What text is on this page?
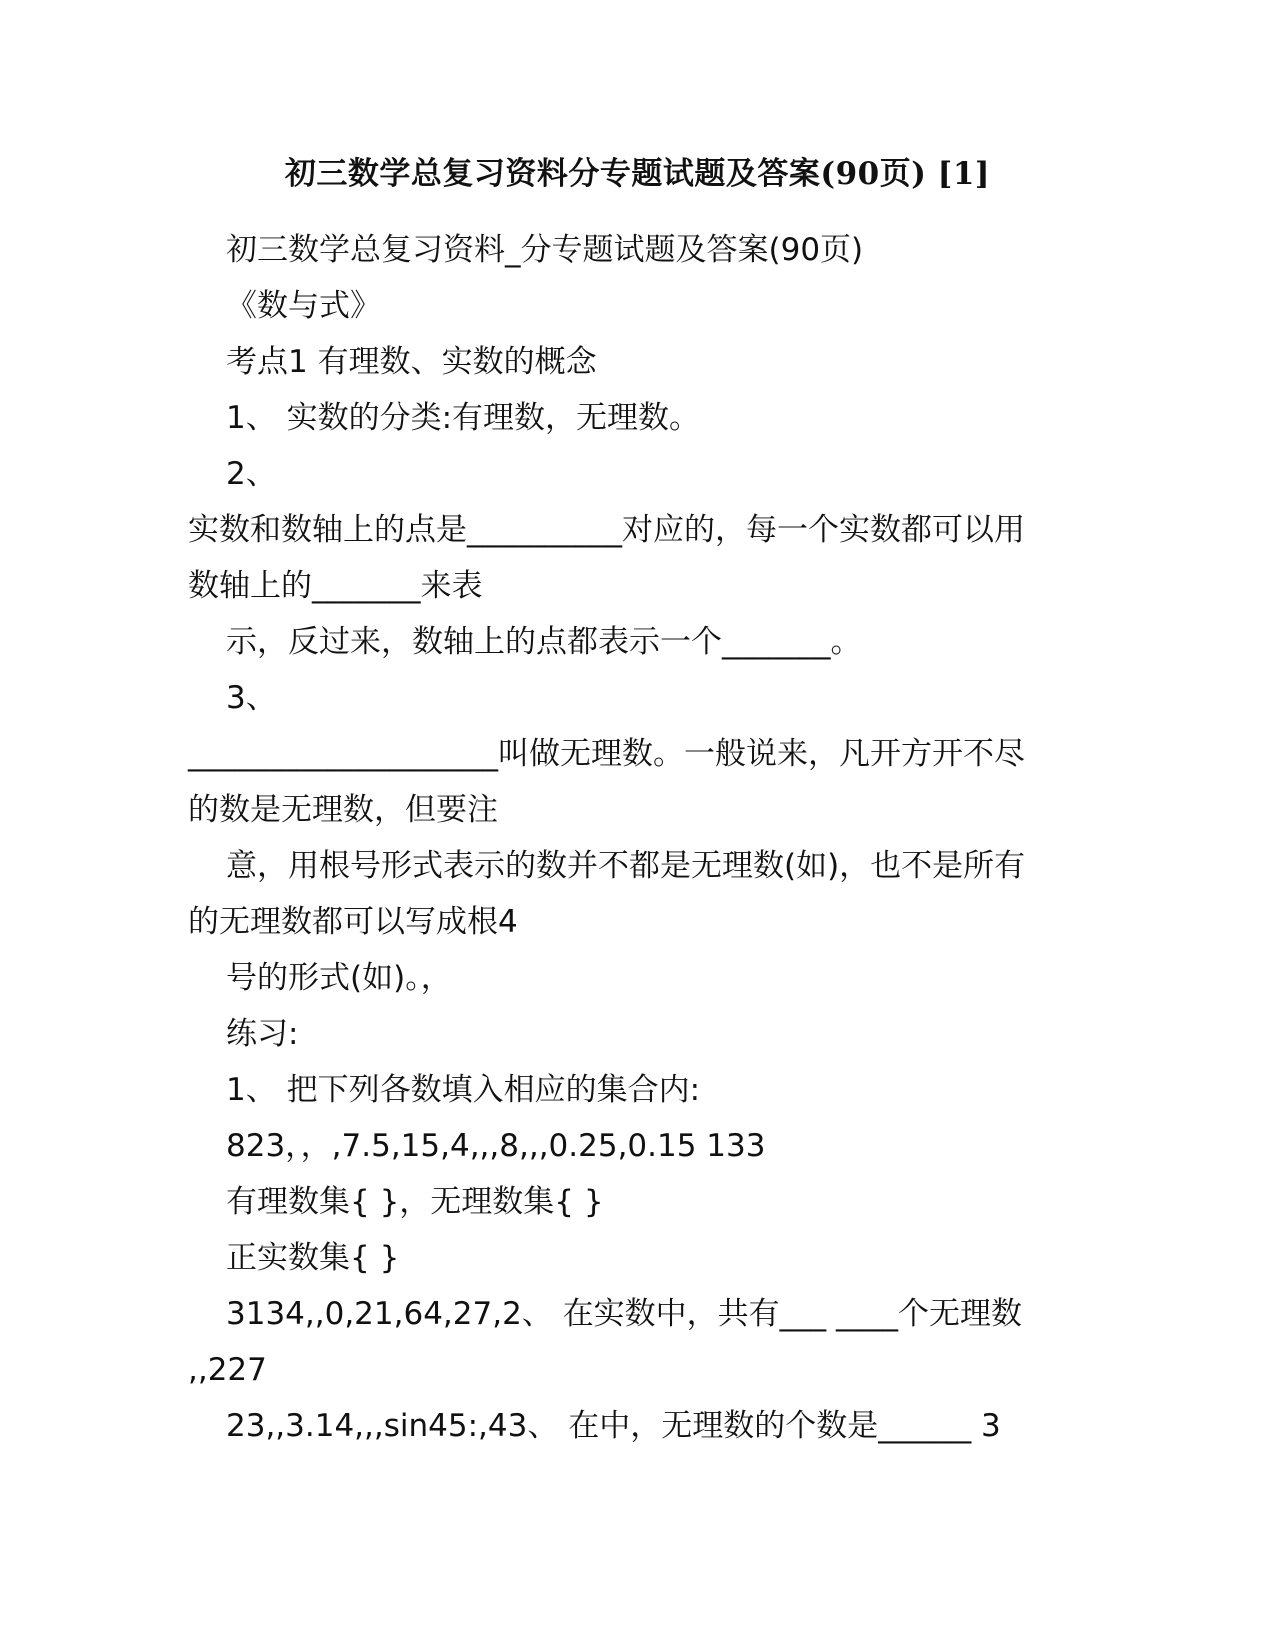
初三数学总复习资料分专题试题及答案(90页) [1]

初三数学总复习资料_分专题试题及答案(90页)

《数与式》

考点1 有理数、实数的概念

1、 实数的分类:有理数，无理数。

2、

实数和数轴上的点是__________对应的，每一个实数都可以用

数轴上的_______来表

示，反过来，数轴上的点都表示一个_______。

3、

____________________叫做无理数。一般说来，凡开方开不尽

的数是无理数，但要注

意，用根号形式表示的数并不都是无理数(如)，也不是所有

的无理数都可以写成根4

号的形式(如)。，

练习:

1、 把下列各数填入相应的集合内:

823，，,7.5,15,4,,,8,,,0.25,0.15 133

有理数集{ }，无理数集{ }

正实数集{ }

3134,,0,21,64,27,2、 在实数中，共有___ ____个无理数

,,227

23,,3.14,,,sin45:,43、 在中，无理数的个数是______ 3
